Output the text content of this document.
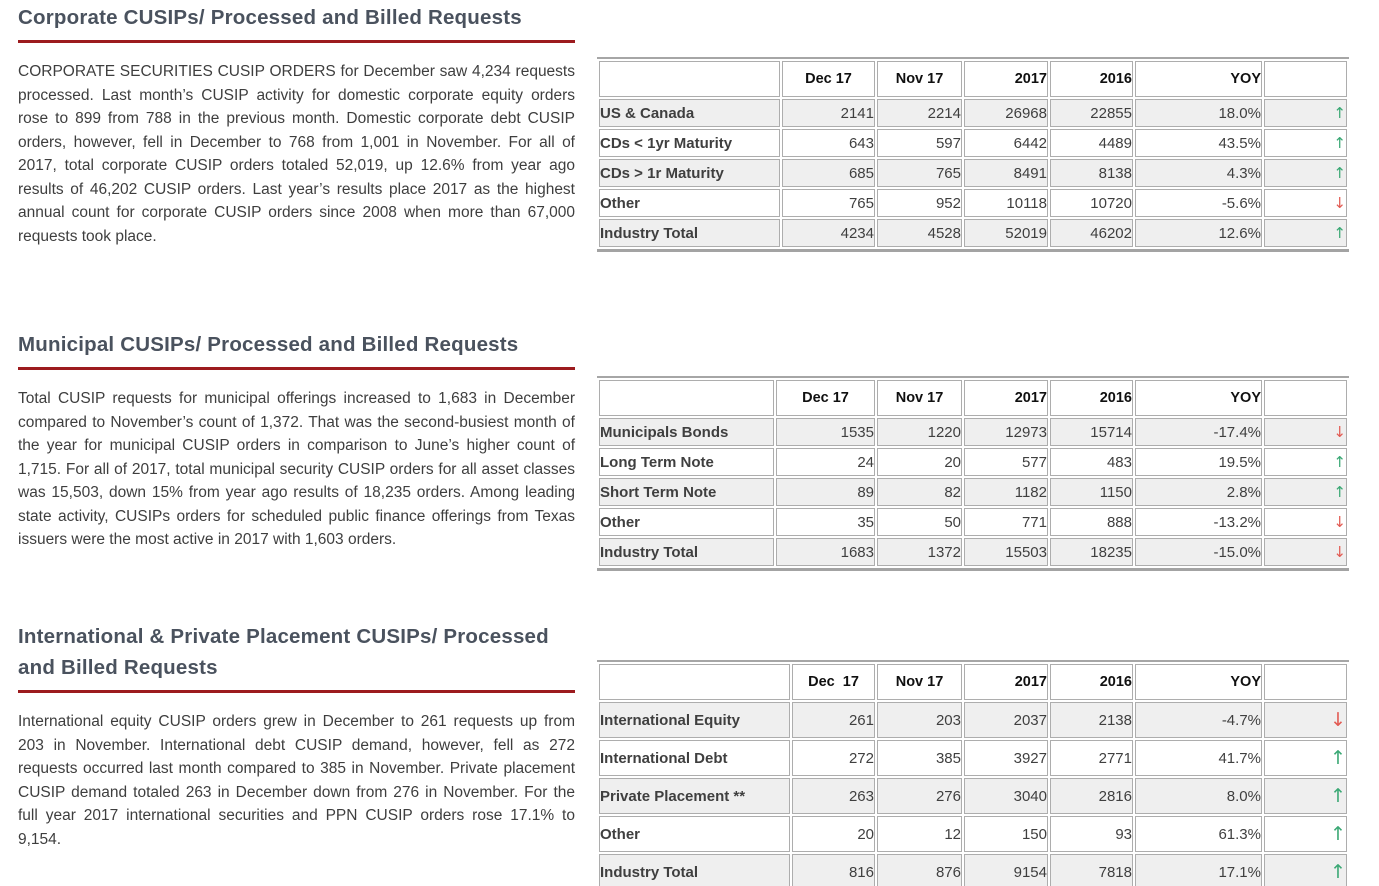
Corporate CUSIPs/ Processed and Billed Requests

CORPORATE SECURITIES CUSIP ORDERS for December saw 4,234 requests processed. Last month’s CUSIP activity for domestic corporate equity orders rose to 899 from 788 in the previous month. Domestic corporate debt CUSIP orders, however, fell in December to 768 from 1,001 in November. For all of 2017, total corporate CUSIP orders totaled 52,019, up 12.6% from year ago results of 46,202 CUSIP orders. Last year’s results place 2017 as the highest annual count for corporate CUSIP orders since 2008 when more than 67,000 requests took place.

Municipal CUSIPs/ Processed and Billed Requests

Total CUSIP requests for municipal offerings increased to 1,683 in December compared to November’s count of 1,372. That was the second-busiest month of the year for municipal CUSIP orders in comparison to June’s higher count of 1,715. For all of 2017, total municipal security CUSIP orders for all asset classes was 15,503, down 15% from year ago results of 18,235 orders. Among leading state activity, CUSIPs orders for scheduled public finance offerings from Texas issuers were the most active in 2017 with 1,603 orders.

International & Private Placement CUSIPs/ Processed and Billed Requests

International equity CUSIP orders grew in December to 261 requests up from 203 in November. International debt CUSIP demand, however, fell as 272 requests occurred last month compared to 385 in November. Private placement CUSIP demand totaled 263 in December down from 276 in November. For the full year 2017 international securities and PPN CUSIP orders rose 17.1% to 9,154.

	Dec 17	Nov 17	2017	2016	YOY	
US & Canada	2141	2214	26968	22855	18.0%	↑
CDs < 1yr Maturity	643	597	6442	4489	43.5%	↑
CDs > 1r Maturity	685	765	8491	8138	4.3%	↑
Other	765	952	10118	10720	-5.6%	↓
Industry Total	4234	4528	52019	46202	12.6%	↑
	Dec 17	Nov 17	2017	2016	YOY	
Municipals Bonds	1535	1220	12973	15714	-17.4%	↓
Long Term Note	24	20	577	483	19.5%	↑
Short Term Note	89	82	1182	1150	2.8%	↑
Other	35	50	771	888	-13.2%	↓
Industry Total	1683	1372	15503	18235	-15.0%	↓
	Dec  17	Nov 17	2017	2016	YOY	
International Equity	261	203	2037	2138	-4.7%	↓
International Debt	272	385	3927	2771	41.7%	↑
Private Placement **	263	276	3040	2816	8.0%	↑
Other	20	12	150	93	61.3%	↑
Industry Total	816	876	9154	7818	17.1%	↑
